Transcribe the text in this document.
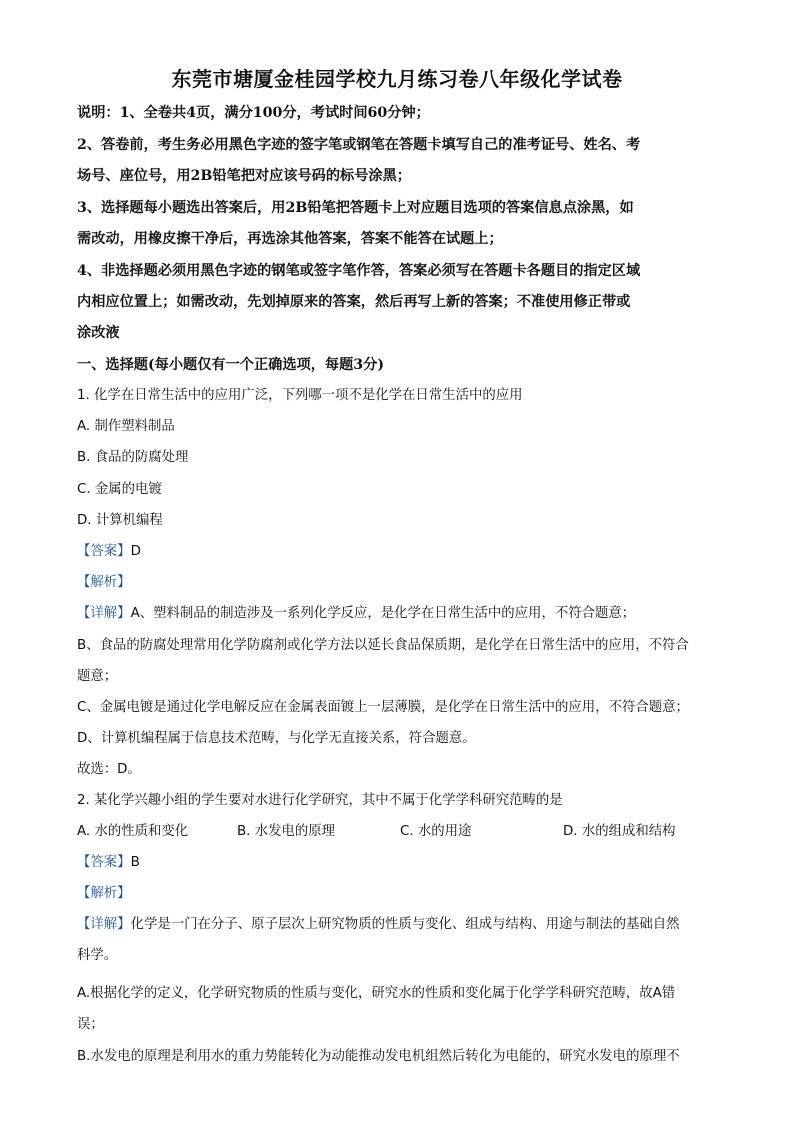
东莞市塘厦金桂园学校九月练习卷八年级化学试卷
说明：1、全卷共4页，满分100分，考试时间60分钟；
2、答卷前，考生务必用黑色字迹的签字笔或钢笔在答题卡填写自己的准考证号、姓名、考
场号、座位号，用2B铅笔把对应该号码的标号涂黑；
3、选择题每小题选出答案后，用2B铅笔把答题卡上对应题目选项的答案信息点涂黑，如
需改动，用橡皮擦干净后，再选涂其他答案，答案不能答在试题上；
4、非选择题必须用黑色字迹的钢笔或签字笔作答，答案必须写在答题卡各题目的指定区域
内相应位置上；如需改动，先划掉原来的答案，然后再写上新的答案；不准使用修正带或
涂改液
一、选择题(每小题仅有一个正确选项，每题3分)
1. 化学在日常生活中的应用广泛，下列哪一项不是化学在日常生活中的应用
A. 制作塑料制品
B. 食品的防腐处理
C. 金属的电镀
D. 计算机编程
【答案】D
【解析】
【详解】A、塑料制品的制造涉及一系列化学反应，是化学在日常生活中的应用，不符合题意；
B、食品的防腐处理常用化学防腐剂或化学方法以延长食品保质期，是化学在日常生活中的应用，不符合
题意；
C、金属电镀是通过化学电解反应在金属表面镀上一层薄膜，是化学在日常生活中的应用，不符合题意；
D、计算机编程属于信息技术范畴，与化学无直接关系，符合题意。
故选：D。
2. 某化学兴趣小组的学生要对水进行化学研究，其中不属于化学学科研究范畴的是
A. 水的性质和变化	B. 水发电的原理	C. 水的用途	D. 水的组成和结构
【答案】B
【解析】
【详解】化学是一门在分子、原子层次上研究物质的性质与变化、组成与结构、用途与制法的基础自然
科学。
A.根据化学的定义，化学研究物质的性质与变化，研究水的性质和变化属于化学学科研究范畴，故A错
误；
B.水发电的原理是利用水的重力势能转化为动能推动发电机组然后转化为电能的，研究水发电的原理不
